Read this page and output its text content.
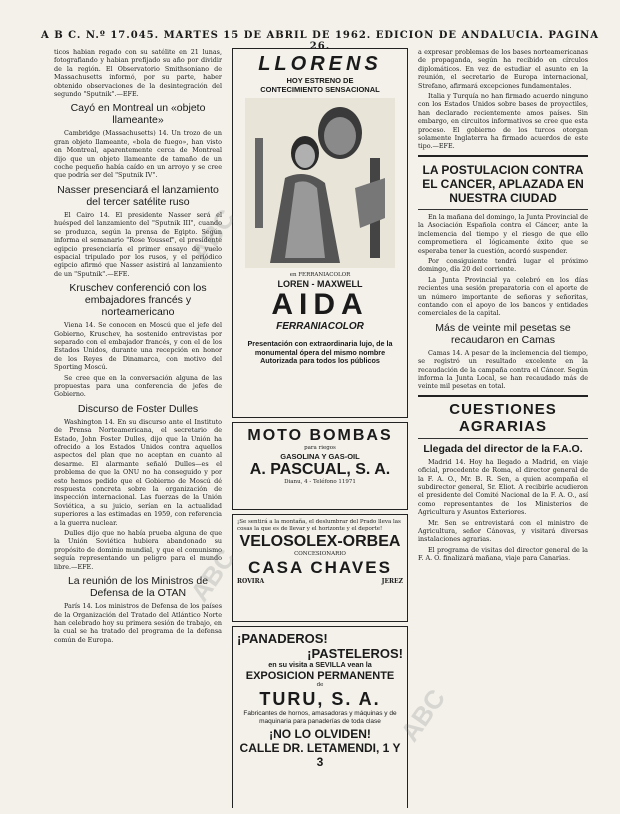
A B C. N.º 17.045. MARTES 15 DE ABRIL DE 1962. EDICION DE ANDALUCIA. PAGINA 26.

ticos habian regado con su satélite en 21 lunas, fotografiando y habian prefijado su año por dividir de la región. El Observatorio Smithsoniano de Massachusetts informó, por su parte, haber obtenido observaciones de la desintegración del segundo "Sputnik".—EFE.

Cayó en Montreal un «objeto llameante»

Cambridge (Massachusetts) 14. Un trozo de un gran objeto llameante, «bola de fuego», han visto en Montreal, aparentemente cerca de Montreal dijo que un objeto llameante de tamaño de un coche pequeño había caído en un arroyo y se cree que podría ser del "Sputnik IV".

Nasser presenciará el lanzamiento del tercer satélite ruso

El Cairo 14. El presidente Nasser será el huésped del lanzamiento del "Sputnik III", cuando se produzca, según la prensa de Egipto. Según informa el semanario "Rose Youssef", el presidente egipcio presenciaría el primer ensayo de vuelo espacial tripulado por los rusos, y el periódico egipcio afirmó que Nasser asistirá al lanzamiento de un "Sputnik".—EFE.

Kruschev conferenció con los embajadores francés y norteamericano

Viena 14. Se conocen en Moscú que el jefe del Gobierno, Kruschev, ha sostenido entrevistas por separado con el embajador francés, y con el de los Estados Unidos, durante una recepción en honor de los Reyes de Dinamarca, con motivo del Sporting Moscú.

Se cree que en la conversación alguna de las propuestas para una conferencia de jefes de Gobierno.

Discurso de Foster Dulles

Washington 14. En su discurso ante el Instituto de Prensa Norteamericana, el secretario de Estado, John Foster Dulles, dijo que la Unión ha ofrecido a los Estados Unidos contra aquellos aspectos del plan que no aceptan en cuanto al desarme. El alarmante señaló Dulles—es el problema de que la ONU no ha conseguido y por esto hemos pedido que el Gobierno de Moscú dé respuesta concreta sobre la organización de inspección internacional. Las fuerzas de la Unión Soviética, a su juicio, serían en la actualidad superiores a las estimadas en 1959, con referencia a la guerra nuclear.

Dulles dijo que no había prueba alguna de que la Unión Soviética hubiera abandonado su propósito de dominio mundial, y que el comunismo seguía representando un peligro para el mundo libre.—EFE.

La reunión de los Ministros de Defensa de la OTAN

París 14. Los ministros de Defensa de los países de la Organización del Tratado del Atlántico Norte han celebrado hoy su primera sesión de trabajo, en la cual se ha tratado del programa de la defensa común de Europa.

LLORENS
HOY ESTRENO DE
CONTECIMIENTO SENSACIONAL
en FERRANIACOLOR
LOREN - MAXWELL
AIDA
FERRANIACOLOR
Presentación con extraordinaria lujo, de la monumental ópera del mismo nombre
Autorizada para todos los públicos
MOTO BOMBAS
para riegos
GASOLINA Y GAS-OIL
A. PASCUAL, S. A.
Dianu, 4 - Teléfono 11971
¡Se sentirá a la montaña, el deslumbrar del Prado lleva las cosas la que es de llevar y el horizonte y el deporte!
VELOSOLEX-ORBEA
CONCESIONARIO
CASA CHAVES
ROVIRA	JEREZ
¡PANADEROS!
¡PASTELEROS!
en su visita a SEVILLA vean la
EXPOSICION PERMANENTE
de
TURU, S. A.
Fabricantes de hornos, amasadoras y máquinas y de maquinaria para panaderías de toda clase
¡NO LO OLVIDEN!
CALLE DR. LETAMENDI, 1 Y 3

a expresar problemas de los bases norteamericanas de propaganda, según ha recibido en círculos diplomáticos. En vez de estudiar el asunto en la reunión, el secretario de Europa internacional, Strefano, afirmará excepciones fundamentales.

Italia y Turquía no han firmado acuerdo ninguno con los Estados Unidos sobre bases de proyectiles, han declarado recientemente amos países. Sin embargo, en circuitos informativos se cree que esta proceso. El gobierno de los turcos otorgan solamente Inglaterra ha firmado acuerdos de este tipo.—EFE.

LA POSTULACION CONTRA EL CANCER, APLAZADA EN NUESTRA CIUDAD

En la mañana del domingo, la Junta Provincial de la Asociación Española contra el Cáncer, ante la inclemencia del tiempo y el riesgo de que ello comprometiera el lógicamente éxito que se esperaba tener la cuestión, acordó suspender.

Por consiguiente tendrá lugar el próximo domingo, día 20 del corriente.

La Junta Provincial ya celebró en los días recientes una sesión preparatoria con el aporte de un número importante de señoras y señoritas, contando con el apoyo de los bancos y entidades comerciales de la capital.

Más de veinte mil pesetas se recaudaron en Camas

Camas 14. A pesar de la inclemencia del tiempo, se registró un resultado excelente en la recaudación de la campaña contra el Cáncer. Según informa la Junta Local, se han recaudado más de veinte mil pesetas en total.

CUESTIONES
AGRARIAS
Llegada del director de la F.A.O.

Madrid 14. Hoy ha llegado a Madrid, en viaje oficial, procedente de Roma, el director general de la F. A. O., Mr. B. R. Sen, a quien acompaña el subdirector general, Sr. Eliot. A recibirle acudieron el presidente del Comité Nacional de la F. A. O., así como representantes de los Ministerios de Agricultura y Asuntos Exteriores.

Mr. Sen se entrevistará con el ministro de Agricultura, señor Cánovas, y visitará diversas instalaciones agrarias.

El programa de visitas del director general de la F. A. O. finalizará mañana, viaje para Canarias.

ABC
ABC
ABC
